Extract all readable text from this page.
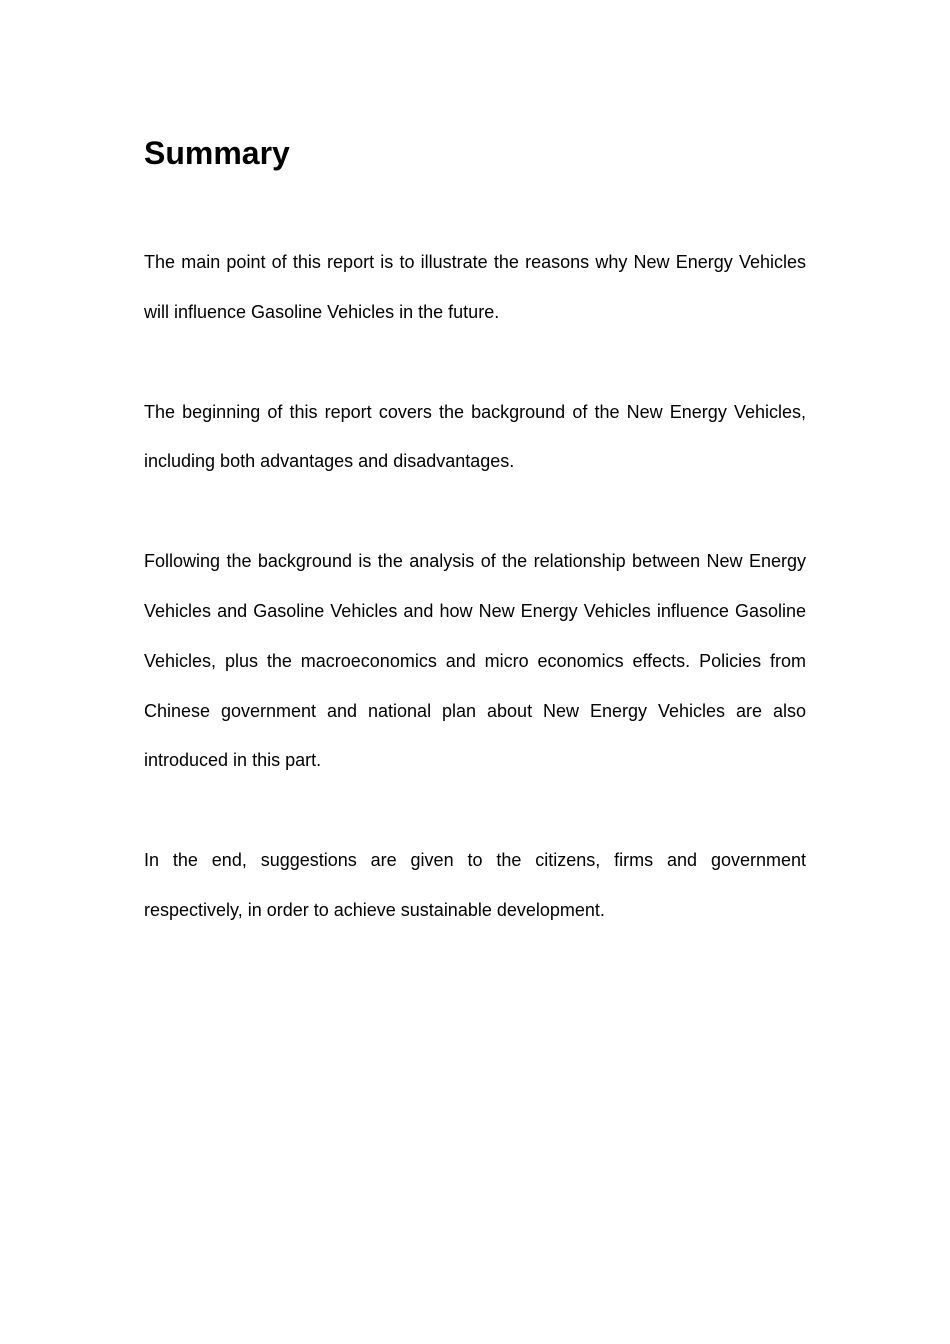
Summary

The main point of this report is to illustrate the reasons why New Energy Vehicles will influence Gasoline Vehicles in the future.

The beginning of this report covers the background of the New Energy Vehicles, including both advantages and disadvantages.

Following the background is the analysis of the relationship between New Energy Vehicles and Gasoline Vehicles and how New Energy Vehicles influence Gasoline Vehicles, plus the macroeconomics and micro economics effects. Policies from Chinese government and national plan about New Energy Vehicles are also introduced in this part.

In the end, suggestions are given to the citizens, firms and government respectively, in order to achieve sustainable development.
